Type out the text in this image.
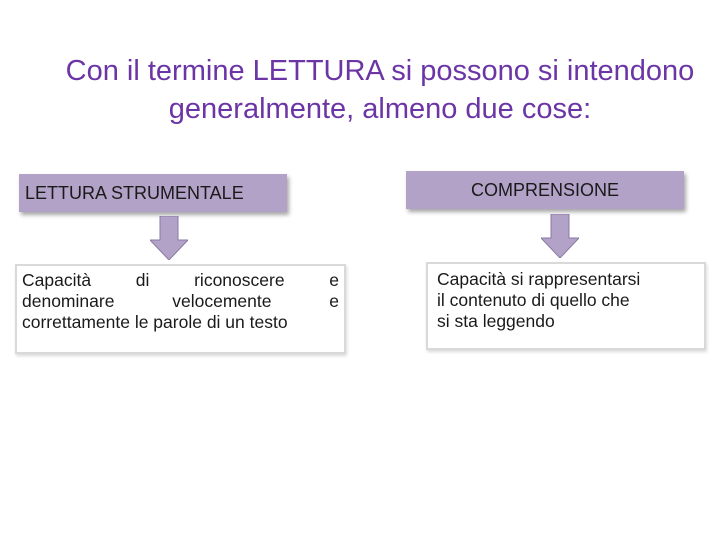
Con il termine LETTURA si possono si intendono
generalmente, almeno due cose:
LETTURA STRUMENTALE	COMPRENSIONE
Capacità di riconoscere e
denominare velocemente e
correttamente le parole di un testo
Capacità si rappresentarsi
il contenuto di quello che
si sta leggendo
